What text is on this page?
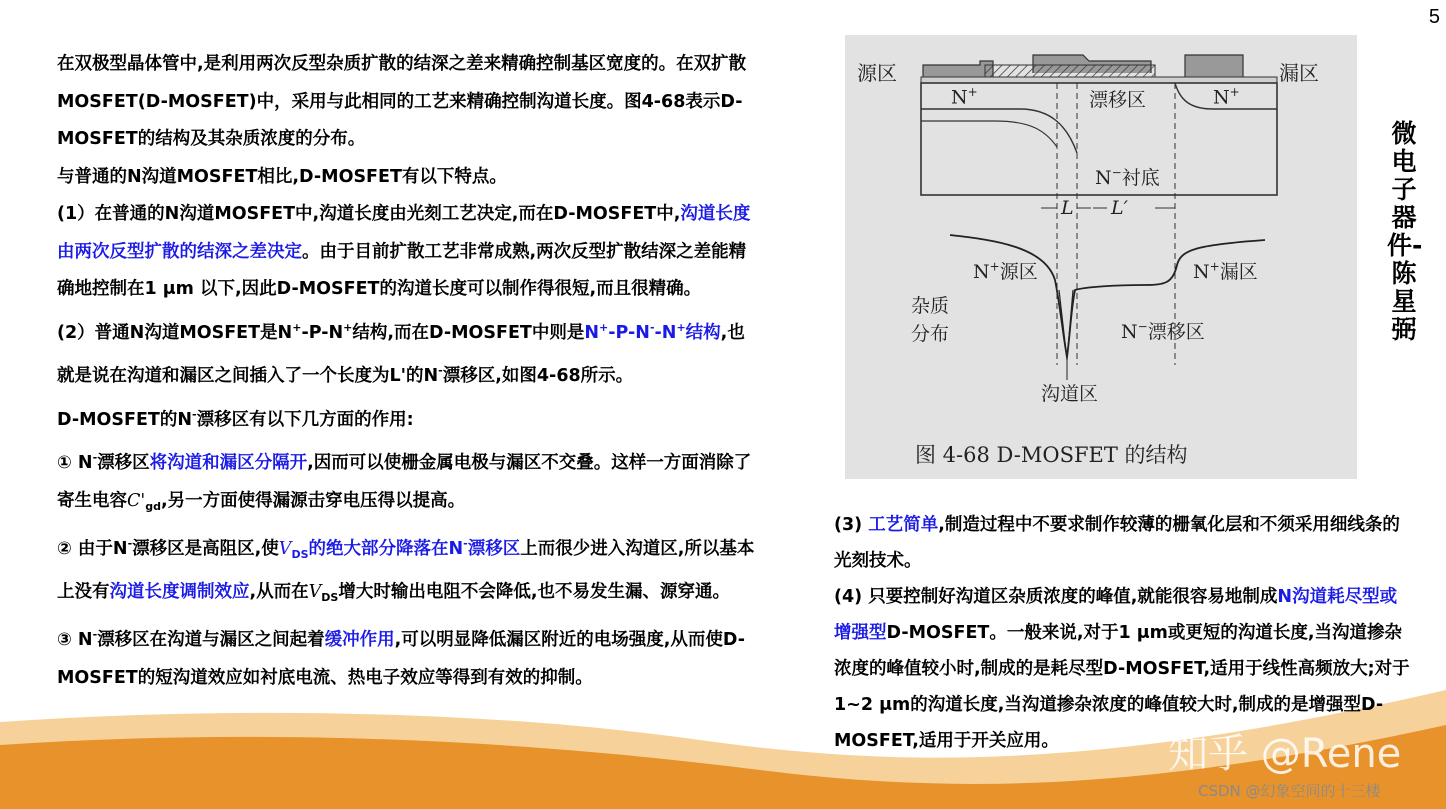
5
微电子器件-陈星弼

在双极型晶体管中,是利用两次反型杂质扩散的结深之差来精确控制基区宽度的。在双扩散 MOSFET(D-MOSFET)中，采用与此相同的工艺来精确控制沟道长度。图4-68表示D-MOSFET的结构及其杂质浓度的分布。

与普通的N沟道MOSFET相比,D-MOSFET有以下特点。

(1）在普通的N沟道MOSFET中,沟道长度由光刻工艺决定,而在D-MOSFET中,沟道长度由两次反型扩散的结深之差决定。由于目前扩散工艺非常成熟,两次反型扩散结深之差能精确地控制在1 μm 以下,因此D-MOSFET的沟道长度可以制作得很短,而且很精确。

(2）普通N沟道MOSFET是N+-P-N+结构,而在D-MOSFET中则是N+-P-N--N+结构,也就是说在沟道和漏区之间插入了一个长度为L'的N-漂移区,如图4-68所示。

D-MOSFET的N-漂移区有以下几方面的作用:

① N-漂移区将沟道和漏区分隔开,因而可以使栅金属电极与漏区不交叠。这样一方面消除了寄生电容$C'_{gd}$,另一方面使得漏源击穿电压得以提高。

② 由于N-漂移区是高阻区,使$V_{DS}$的绝大部分降落在N-漂移区上而很少进入沟道区,所以基本上没有沟道长度调制效应,从而在$V_{DS}$增大时输出电阻不会降低,也不易发生漏、源穿通。

③ N-漂移区在沟道与漏区之间起着缓冲作用,可以明显降低漏区附近的电场强度,从而使D-MOSFET的短沟道效应如衬底电流、热电子效应等得到有效的抑制。

源区	漏区
N+	漂移区	N+
N−衬底
L L′
N+源区	N+漏区
杂质
分布	N−漂移区
沟道区
图 4-68 D-MOSFET 的结构

(3) 工艺简单,制造过程中不要求制作较薄的栅氧化层和不须采用细线条的光刻技术。

(4) 只要控制好沟道区杂质浓度的峰值,就能很容易地制成N沟道耗尽型或增强型D-MOSFET。一般来说,对于1 μm或更短的沟道长度,当沟道掺杂浓度的峰值较小时,制成的是耗尽型D-MOSFET,适用于线性高频放大;对于1~2 μm的沟道长度,当沟道掺杂浓度的峰值较大时,制成的是增强型D-MOSFET,适用于开关应用。	知乎 @Rene
CSDN @幻象空间的十三楼
